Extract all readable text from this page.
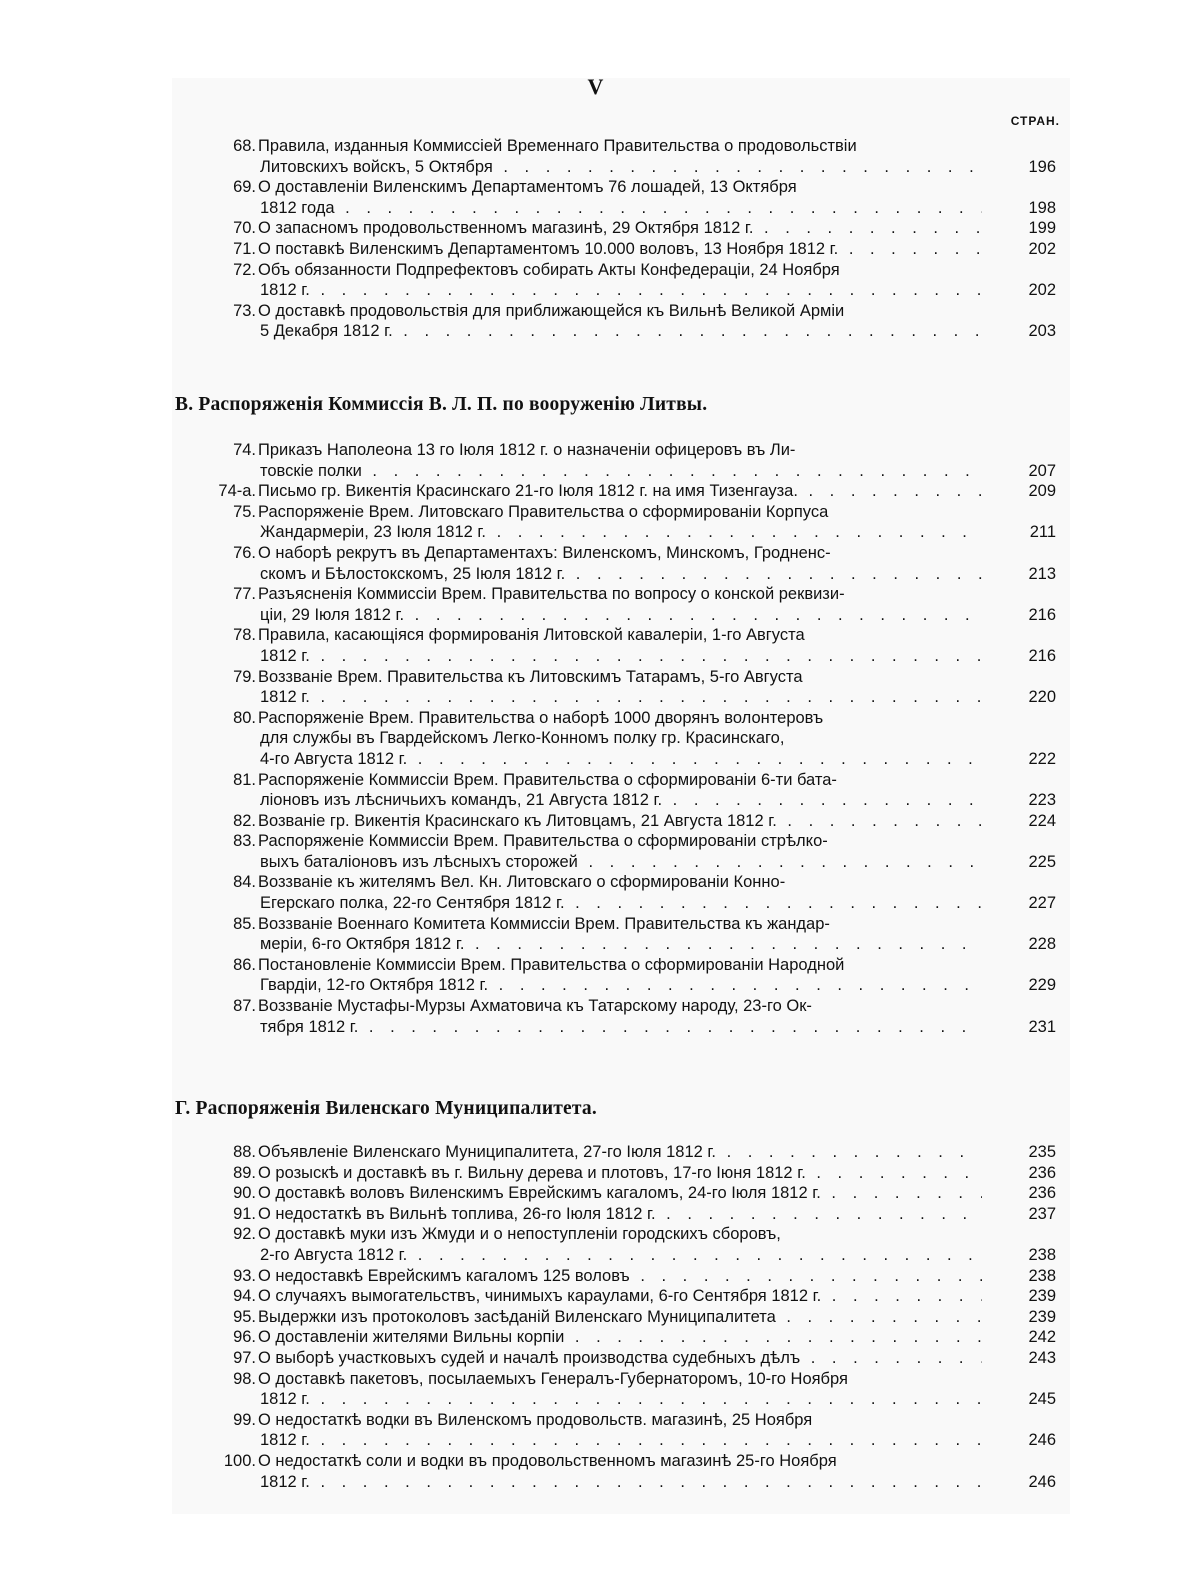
V
СТРАН.
68. Правила, изданныя Коммиссіей Временнаго Правительства о продовольствіи
Литовскихъ войскъ, 5 Октября . . .	196
69. О доставленіи Виленскимъ Департаментомъ 76 лошадей, 13 Октября
1812 года . . .	198
70. О запасномъ продовольственномъ магазинѣ, 29 Октября 1812 г. . . .	199
71. О поставкѣ Виленскимъ Департаментомъ 10.000 воловъ, 13 Ноября 1812 г. . . .	202
72. Объ обязанности Подпрефектовъ собирать Акты Конфедераціи, 24 Ноября
1812 г. . . .	202
73. О доставкѣ продовольствія для приближающейся къ Вильнѣ Великой Арміи
5 Декабря 1812 г. . . .	203
В. Распоряженія Коммиссія В. Л. П. по вооруженію Литвы.
74. Приказъ Наполеона 13 го Іюля 1812 г. о назначеніи офицеровъ въ Ли-
товскіе полки . . .	207
74-а. Письмо гр. Викентія Красинскаго 21-го Іюля 1812 г. на имя Тизенгауза. . . .	209
75. Распоряженіе Врем. Литовскаго Правительства о сформированіи Корпуса
Жандармеріи, 23 Іюля 1812 г. . . .	211
76. О наборѣ рекрутъ въ Департаментахъ: Виленскомъ, Минскомъ, Гродненс-
скомъ и Бѣлостокскомъ, 25 Іюля 1812 г. . . .	213
77. Разъясненія Коммиссіи Врем. Правительства по вопросу о конской реквизи-
ціи, 29 Іюля 1812 г. . . .	216
78. Правила, касающіяся формированія Литовской кавалеріи, 1-го Августа
1812 г. . . .	216
79. Воззваніе Врем. Правительства къ Литовскимъ Татарамъ, 5-го Августа
1812 г. . . .	220
80. Распоряженіе Врем. Правительства о наборѣ 1000 дворянъ волонтеровъ
для службы въ Гвардейскомъ Легко-Конномъ полку гр. Красинскаго,
4-го Августа 1812 г. . . .	222
81. Распоряженіе Коммиссіи Врем. Правительства о сформированіи 6-ти бата-
ліоновъ изъ лѣсничьихъ командъ, 21 Августа 1812 г. . . .	223
82. Возваніе гр. Викентія Красинскаго къ Литовцамъ, 21 Августа 1812 г. . . .	224
83. Распоряженіе Коммиссіи Врем. Правительства о сформированіи стрѣлко-
выхъ баталіоновъ изъ лѣсныхъ сторожей . . .	225
84. Воззваніе къ жителямъ Вел. Кн. Литовскаго о сформированіи Конно-
Егерскаго полка, 22-го Сентября 1812 г. . . .	227
85. Воззваніе Военнаго Комитета Коммиссіи Врем. Правительства къ жандар-
меріи, 6-го Октября 1812 г. . . .	228
86. Постановленіе Коммиссіи Врем. Правительства о сформированіи Народной
Гвардіи, 12-го Октября 1812 г. . . .	229
87. Воззваніе Мустафы-Мурзы Ахматовича къ Татарскому народу, 23-го Ок-
тября 1812 г. . . .	231
Г. Распоряженія Виленскаго Муниципалитета.
88. Объявленіе Виленскаго Муниципалитета, 27-го Іюля 1812 г. . . .	235
89. О розыскѣ и доставкѣ въ г. Вильну дерева и плотовъ, 17-го Іюня 1812 г. . . .	236
90. О доставкѣ воловъ Виленскимъ Еврейскимъ кагаломъ, 24-го Іюля 1812 г. . . .	236
91. О недостаткѣ въ Вильнѣ топлива, 26-го Іюля 1812 г. . . .	237
92. О доставкѣ муки изъ Жмуди и о непоступленіи городскихъ сборовъ,
2-го Августа 1812 г. . . .	238
93. О недоставкѣ Еврейскимъ кагаломъ 125 воловъ . . .	238
94. О случаяхъ вымогательствъ, чинимыхъ караулами, 6-го Сентября 1812 г. . . .	239
95. Выдержки изъ протоколовъ засѣданій Виленскаго Муниципалитета . . .	239
96. О доставленіи жителями Вильны корпіи . . .	242
97. О выборѣ участковыхъ судей и началѣ производства судебныхъ дѣлъ . . .	243
98. О доставкѣ пакетовъ, посылаемыхъ Генералъ-Губернаторомъ, 10-го Ноября
1812 г. . . .	245
99. О недостаткѣ водки въ Виленскомъ продовольств. магазинѣ, 25 Ноября
1812 г. . . .	246
100. О недостаткѣ соли и водки въ продовольственномъ магазинѣ 25-го Ноября
1812 г. . . .	246
